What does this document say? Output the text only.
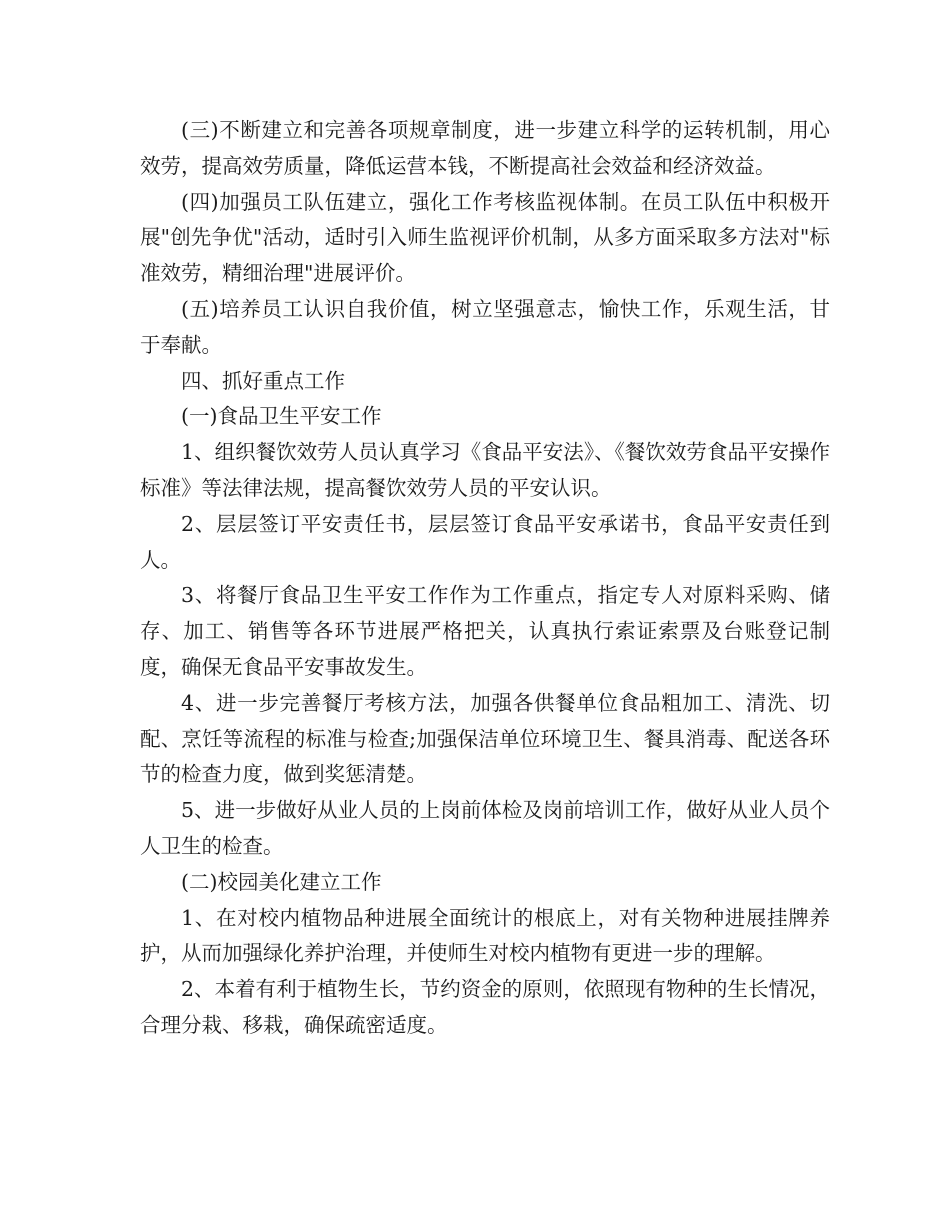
(三)不断建立和完善各项规章制度，进一步建立科学的运转机制，用心效劳，提高效劳质量，降低运营本钱，不断提高社会效益和经济效益。

(四)加强员工队伍建立，强化工作考核监视体制。在员工队伍中积极开展"创先争优"活动，适时引入师生监视评价机制，从多方面采取多方法对"标准效劳，精细治理"进展评价。

(五)培养员工认识自我价值，树立坚强意志，愉快工作，乐观生活，甘于奉献。

四、抓好重点工作

(一)食品卫生平安工作

1、组织餐饮效劳人员认真学习《食品平安法》、《餐饮效劳食品平安操作标准》等法律法规，提高餐饮效劳人员的平安认识。

2、层层签订平安责任书，层层签订食品平安承诺书，食品平安责任到人。

3、将餐厅食品卫生平安工作作为工作重点，指定专人对原料采购、储存、加工、销售等各环节进展严格把关，认真执行索证索票及台账登记制度，确保无食品平安事故发生。

4、进一步完善餐厅考核方法，加强各供餐单位食品粗加工、清洗、切配、烹饪等流程的标准与检查;加强保洁单位环境卫生、餐具消毒、配送各环节的检查力度，做到奖惩清楚。

5、进一步做好从业人员的上岗前体检及岗前培训工作，做好从业人员个人卫生的检查。

(二)校园美化建立工作

1、在对校内植物品种进展全面统计的根底上，对有关物种进展挂牌养护，从而加强绿化养护治理，并使师生对校内植物有更进一步的理解。

2、本着有利于植物生长，节约资金的原则，依照现有物种的生长情况，合理分栽、移栽，确保疏密适度。
